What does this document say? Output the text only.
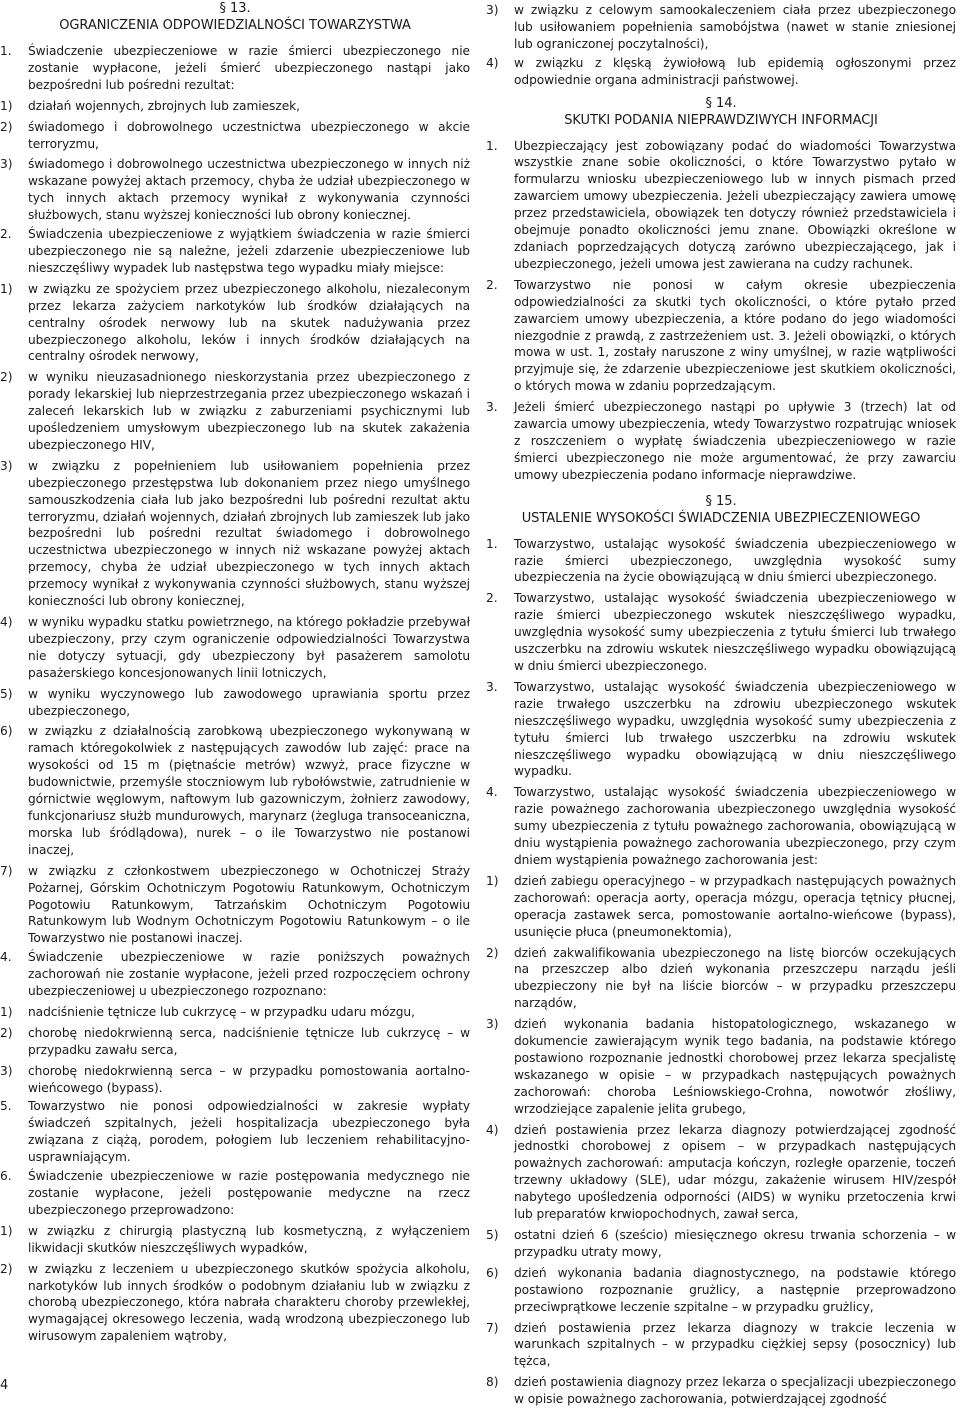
§ 13.
OGRANICZENIA ODPOWIEDZIALNOŚCI TOWARZYSTWA
1. Świadczenie ubezpieczeniowe w razie śmierci ubezpieczonego nie zostanie wypłacone, jeżeli śmierć ubezpieczonego nastąpi jako bezpośredni lub pośredni rezultat:

1) działań wojennych, zbrojnych lub zamieszek,

2) świadomego i dobrowolnego uczestnictwa ubezpieczonego w akcie terroryzmu,

3) świadomego i dobrowolnego uczestnictwa ubezpieczonego w innych niż wskazane powyżej aktach przemocy, chyba że udział ubezpieczonego w tych innych aktach przemocy wynikał z wykonywania czynności służbowych, stanu wyższej konieczności lub obrony koniecznej.

2. Świadczenia ubezpieczeniowe z wyjątkiem świadczenia w razie śmierci ubezpieczonego nie są należne, jeżeli zdarzenie ubezpieczeniowe lub nieszczęśliwy wypadek lub następstwa tego wypadku miały miejsce:

1) w związku ze spożyciem przez ubezpieczonego alkoholu, niezaleconym przez lekarza zażyciem narkotyków lub środków działających na centralny ośrodek nerwowy lub na skutek nadużywania przez ubezpieczonego alkoholu, leków i innych środków działających na centralny ośrodek nerwowy,

2) w wyniku nieuzasadnionego nieskorzystania przez ubezpieczonego z porady lekarskiej lub nieprzestrzegania przez ubezpieczonego wskazań i zaleceń lekarskich lub w związku z zaburzeniami psychicznymi lub upośledzeniem umysłowym ubezpieczonego lub na skutek zakażenia ubezpieczonego HIV,

3) w związku z popełnieniem lub usiłowaniem popełnienia przez ubezpieczonego przestępstwa lub dokonaniem przez niego umyślnego samouszkodzenia ciała lub jako bezpośredni lub pośredni rezultat aktu terroryzmu, działań wojennych, działań zbrojnych lub zamieszek lub jako bezpośredni lub pośredni rezultat świadomego i dobrowolnego uczestnictwa ubezpieczonego w innych niż wskazane powyżej aktach przemocy, chyba że udział ubezpieczonego w tych innych aktach przemocy wynikał z wykonywania czynności służbowych, stanu wyższej konieczności lub obrony koniecznej,

4) w wyniku wypadku statku powietrznego, na którego pokładzie przebywał ubezpieczony, przy czym ograniczenie odpowiedzialności Towarzystwa nie dotyczy sytuacji, gdy ubezpieczony był pasażerem samolotu pasażerskiego koncesjonowanych linii lotniczych,

5) w wyniku wyczynowego lub zawodowego uprawiania sportu przez ubezpieczonego,

6) w związku z działalnością zarobkową ubezpieczonego wykonywaną w ramach któregokolwiek z następujących zawodów lub zajęć: prace na wysokości od 15 m (piętnaście metrów) wzwyż, prace fizyczne w budownictwie, przemyśle stoczniowym lub rybołówstwie, zatrudnienie w górnictwie węglowym, naftowym lub gazowniczym, żołnierz zawodowy, funkcjonariusz służb mundurowych, marynarz (żegluga transoceaniczna, morska lub śródlądowa), nurek – o ile Towarzystwo nie postanowi inaczej,

7) w związku z członkostwem ubezpieczonego w Ochotniczej Straży Pożarnej, Górskim Ochotniczym Pogotowiu Ratunkowym, Ochotniczym Pogotowiu Ratunkowym, Tatrzańskim Ochotniczym Pogotowiu Ratunkowym lub Wodnym Ochotniczym Pogotowiu Ratunkowym – o ile Towarzystwo nie postanowi inaczej.

4. Świadczenie ubezpieczeniowe w razie poniższych poważnych zachorowań nie zostanie wypłacone, jeżeli przed rozpoczęciem ochrony ubezpieczeniowej u ubezpieczonego rozpoznano:

1) nadciśnienie tętnicze lub cukrzycę – w przypadku udaru mózgu,

2) chorobę niedokrwienną serca, nadciśnienie tętnicze lub cukrzycę – w przypadku zawału serca,

3) chorobę niedokrwienną serca – w przypadku pomostowania aortalno-wieńcowego (bypass).

5. Towarzystwo nie ponosi odpowiedzialności w zakresie wypłaty świadczeń szpitalnych, jeżeli hospitalizacja ubezpieczonego była związana z ciążą, porodem, połogiem lub leczeniem rehabilitacyjno-usprawniającym.
6. Świadczenie ubezpieczeniowe w razie postępowania medycznego nie zostanie wypłacone, jeżeli postępowanie medyczne na rzecz ubezpieczonego przeprowadzono:

1) w związku z chirurgią plastyczną lub kosmetyczną, z wyłączeniem likwidacji skutków nieszczęśliwych wypadków,

2) w związku z leczeniem u ubezpieczonego skutków spożycia alkoholu, narkotyków lub innych środków o podobnym działaniu lub w związku z chorobą ubezpieczonego, która nabrała charakteru choroby przewlekłej, wymagającej okresowego leczenia, wadą wrodzoną ubezpieczonego lub wirusowym zapaleniem wątroby,

3) w związku z celowym samookaleczeniem ciała przez ubezpieczonego lub usiłowaniem popełnienia samobójstwa (nawet w stanie zniesionej lub ograniczonej poczytalności),

4) w związku z klęską żywiołową lub epidemią ogłoszonymi przez odpowiednie organa administracji państwowej.

§ 14.
SKUTKI PODANIA NIEPRAWDZIWYCH INFORMACJI
1. Ubezpieczający jest zobowiązany podać do wiadomości Towarzystwa wszystkie znane sobie okoliczności, o które Towarzystwo pytało w formularzu wniosku ubezpieczeniowego lub w innych pismach przed zawarciem umowy ubezpieczenia. Jeżeli ubezpieczający zawiera umowę przez przedstawiciela, obowiązek ten dotyczy również przedstawiciela i obejmuje ponadto okoliczności jemu znane. Obowiązki określone w zdaniach poprzedzających dotyczą zarówno ubezpieczającego, jak i ubezpieczonego, jeżeli umowa jest zawierana na cudzy rachunek.
2. Towarzystwo nie ponosi w całym okresie ubezpieczenia odpowiedzialności za skutki tych okoliczności, o które pytało przed zawarciem umowy ubezpieczenia, a które podano do jego wiadomości niezgodnie z prawdą, z zastrzeżeniem ust. 3. Jeżeli obowiązki, o których mowa w ust. 1, zostały naruszone z winy umyślnej, w razie wątpliwości przyjmuje się, że zdarzenie ubezpieczeniowe jest skutkiem okoliczności, o których mowa w zdaniu poprzedzającym.
3. Jeżeli śmierć ubezpieczonego nastąpi po upływie 3 (trzech) lat od zawarcia umowy ubezpieczenia, wtedy Towarzystwo rozpatrując wniosek z roszczeniem o wypłatę świadczenia ubezpieczeniowego w razie śmierci ubezpieczonego nie może argumentować, że przy zawarciu umowy ubezpieczenia podano informacje nieprawdziwe.
§ 15.
USTALENIE WYSOKOŚCI ŚWIADCZENIA UBEZPIECZENIOWEGO
1. Towarzystwo, ustalając wysokość świadczenia ubezpieczeniowego w razie śmierci ubezpieczonego, uwzględnia wysokość sumy ubezpieczenia na życie obowiązującą w dniu śmierci ubezpieczonego.
2. Towarzystwo, ustalając wysokość świadczenia ubezpieczeniowego w razie śmierci ubezpieczonego wskutek nieszczęśliwego wypadku, uwzględnia wysokość sumy ubezpieczenia z tytułu śmierci lub trwałego uszczerbku na zdrowiu wskutek nieszczęśliwego wypadku obowiązującą w dniu śmierci ubezpieczonego.
3. Towarzystwo, ustalając wysokość świadczenia ubezpieczeniowego w razie trwałego uszczerbku na zdrowiu ubezpieczonego wskutek nieszczęśliwego wypadku, uwzględnia wysokość sumy ubezpieczenia z tytułu śmierci lub trwałego uszczerbku na zdrowiu wskutek nieszczęśliwego wypadku obowiązującą w dniu nieszczęśliwego wypadku.
4. Towarzystwo, ustalając wysokość świadczenia ubezpieczeniowego w razie poważnego zachorowania ubezpieczonego uwzględnia wysokość sumy ubezpieczenia z tytułu poważnego zachorowania, obowiązującą w dniu wystąpienia poważnego zachorowania ubezpieczonego, przy czym dniem wystąpienia poważnego zachorowania jest:

1) dzień zabiegu operacyjnego – w przypadkach następujących poważnych zachorowań: operacja aorty, operacja mózgu, operacja tętnicy płucnej, operacja zastawek serca, pomostowanie aortalno-wieńcowe (bypass), usunięcie płuca (pneumonektomia),

2) dzień zakwalifikowania ubezpieczonego na listę biorców oczekujących na przeszczep albo dzień wykonania przeszczepu narządu jeśli ubezpieczony nie był na liście biorców – w przypadku przeszczepu narządów,

3) dzień wykonania badania histopatologicznego, wskazanego w dokumencie zawierającym wynik tego badania, na podstawie którego postawiono rozpoznanie jednostki chorobowej przez lekarza specjalistę wskazanego w opisie – w przypadkach następujących poważnych zachorowań: choroba Leśniowskiego-Crohna, nowotwór złośliwy, wrzodziejące zapalenie jelita grubego,

4) dzień postawienia przez lekarza diagnozy potwierdzającej zgodność jednostki chorobowej z opisem – w przypadkach następujących poważnych zachorowań: amputacja kończyn, rozległe oparzenie, toczeń trzewny układowy (SLE), udar mózgu, zakażenie wirusem HIV/zespół nabytego upośledzenia odporności (AIDS) w wyniku przetoczenia krwi lub preparatów krwiopochodnych, zawał serca,

5) ostatni dzień 6 (sześcio) miesięcznego okresu trwania schorzenia – w przypadku utraty mowy,

6) dzień wykonania badania diagnostycznego, na podstawie którego postawiono rozpoznanie grużlicy, a następnie przeprowadzono przeciwprątkowe leczenie szpitalne – w przypadku grużlicy,

7) dzień postawienia przez lekarza diagnozy w trakcie leczenia w warunkach szpitalnych – w przypadku ciężkiej sepsy (posocznicy) lub tężca,

8) dzień postawienia diagnozy przez lekarza o specjalizacji ubezpieczonego w opisie poważnego zachorowania, potwierdzającej zgodność

4
